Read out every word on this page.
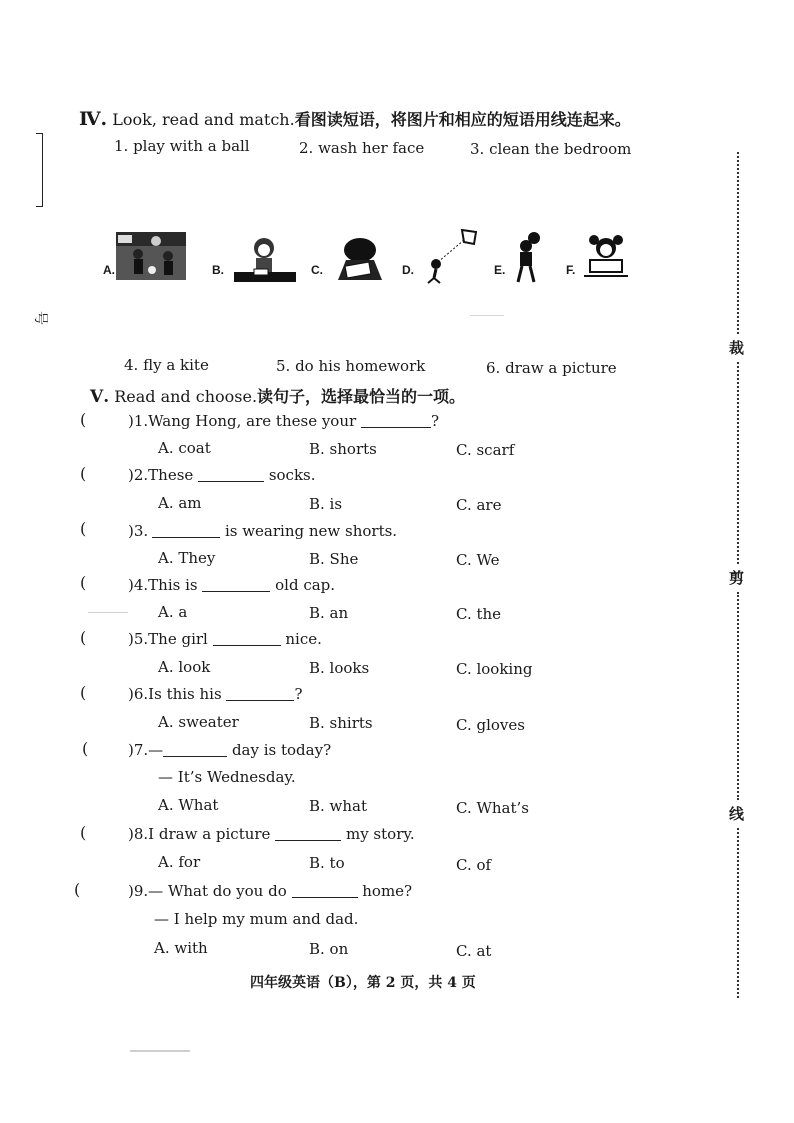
号
裁
剪
线
Ⅳ. Look, read and match.看图读短语，将图片和相应的短语用线连起来。
1. play with a ball	2. wash her face	3. clean the bedroom
A.	B.	C.	D.	E.	F.
4. fly a kite	5. do his homework	6. draw a picture
Ⅴ. Read and choose.读句子，选择最恰当的一项。
(	)1.Wang Hong, are these your	?
A. coat	B. shorts	C. scarf
(	)2.These	socks.
A. am	B. is	C. are
(	)3.	is wearing new shorts.
A. They	B. She	C. We
(	)4.This is	old cap.
A. a	B. an	C. the
(	)5.The girl	nice.
A. look	B. looks	C. looking
(	)6.Is this his	?
A. sweater	B. shirts	C. gloves
(	)7.—	day is today?
— It’s Wednesday.
A. What	B. what	C. What’s
(	)8.I draw a picture	my story.
A. for	B. to	C. of
(	)9.— What do you do	home?
— I help my mum and dad.
A. with	B. on	C. at
四年级英语（B），第 2 页，共 4 页
